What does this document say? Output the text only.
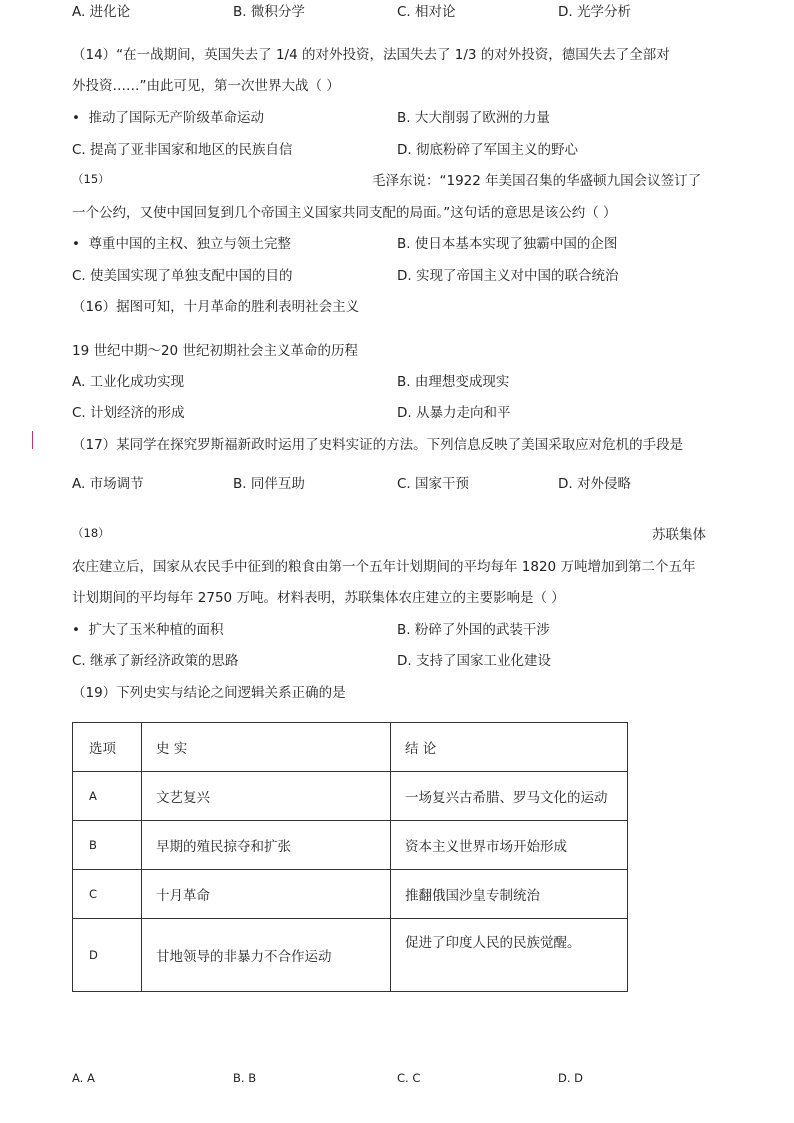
A. 进化论	B. 微积分学	C. 相对论	D. 光学分析
（14）“在一战期间，英国失去了 1/4 的对外投资，法国失去了 1/3 的对外投资，德国失去了全部对
外投资……”由此可见，第一次世界大战（ ）
•  推动了国际无产阶级革命运动	B. 大大削弱了欧洲的力量
C. 提高了亚非国家和地区的民族自信	D. 彻底粉碎了军国主义的野心
（15）	毛泽东说：“1922 年美国召集的华盛顿九国会议签订了
一个公约，又使中国回复到几个帝国主义国家共同支配的局面。”这句话的意思是该公约（ ）
•  尊重中国的主权、独立与领土完整	B. 使日本基本实现了独霸中国的企图
C. 使美国实现了单独支配中国的目的	D. 实现了帝国主义对中国的联合统治
（16）据图可知，十月革命的胜利表明社会主义
19 世纪中期～20 世纪初期社会主义革命的历程
A. 工业化成功实现	B. 由理想变成现实
C. 计划经济的形成	D. 从暴力走向和平
（17）某同学在探究罗斯福新政时运用了史料实证的方法。下列信息反映了美国采取应对危机的手段是
A. 市场调节	B. 同伴互助	C. 国家干预	D. 对外侵略
（18）	苏联集体
农庄建立后，国家从农民手中征到的粮食由第一个五年计划期间的平均每年 1820 万吨增加到第二个五年
计划期间的平均每年 2750 万吨。材料表明，苏联集体农庄建立的主要影响是（ ）
•  扩大了玉米种植的面积	B. 粉碎了外国的武装干涉
C. 继承了新经济政策的思路	D. 支持了国家工业化建设
（19）下列史实与结论之间逻辑关系正确的是
选项	史 实	结 论
A	文艺复兴	一场复兴古希腊、罗马文化的运动
B	早期的殖民掠夺和扩张	资本主义世界市场开始形成
C	十月革命	推翻俄国沙皇专制统治
D	甘地领导的非暴力不合作运动	促进了印度人民的民族觉醒。
A. A	B. B	C. C	D. D
